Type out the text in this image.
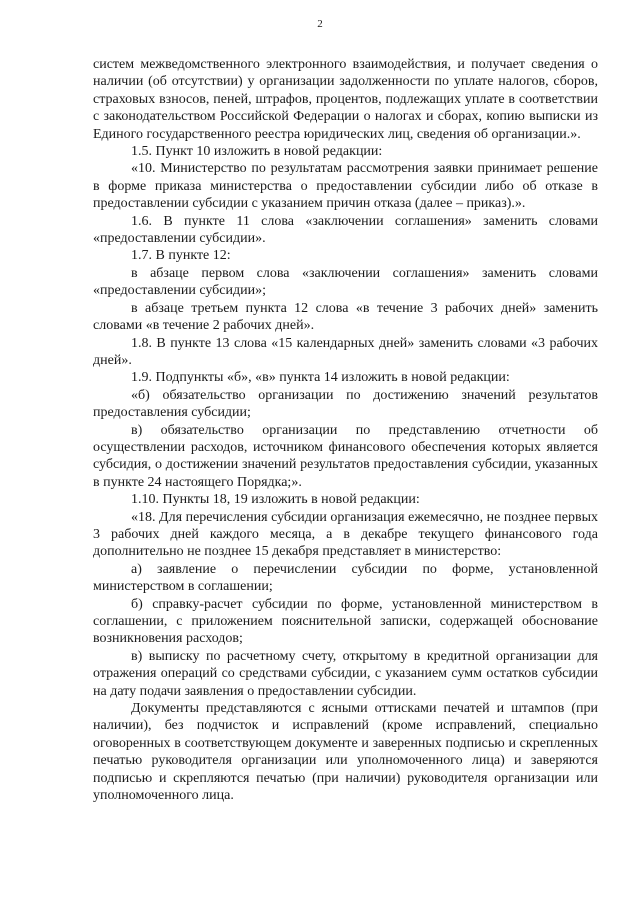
2

систем межведомственного электронного взаимодействия, и получает сведения о наличии (об отсутствии) у организации задолженности по уплате налогов, сборов, страховых взносов, пеней, штрафов, процентов, подлежащих уплате в соответствии с законодательством Российской Федерации о налогах и сборах, копию выписки из Единого государственного реестра юридических лиц, сведения об организации.».

1.5. Пункт 10 изложить в новой редакции:

«10. Министерство по результатам рассмотрения заявки принимает решение в форме приказа министерства о предоставлении субсидии либо об отказе в предоставлении субсидии с указанием причин отказа (далее – приказ).».

1.6. В пункте 11 слова «заключении соглашения» заменить словами «предоставлении субсидии».

1.7. В пункте 12:

в абзаце первом слова «заключении соглашения» заменить словами «предоставлении субсидии»;

в абзаце третьем пункта 12 слова «в течение 3 рабочих дней» заменить словами «в течение 2 рабочих дней».

1.8. В пункте 13 слова «15 календарных дней» заменить словами «3 рабочих дней».

1.9. Подпункты «б», «в» пункта 14 изложить в новой редакции:

«б) обязательство организации по достижению значений результатов предоставления субсидии;

в) обязательство организации по представлению отчетности об осуществлении расходов, источником финансового обеспечения которых является субсидия, о достижении значений результатов предоставления субсидии, указанных в пункте 24 настоящего Порядка;».

1.10. Пункты 18, 19 изложить в новой редакции:

«18. Для перечисления субсидии организация ежемесячно, не позднее первых 3 рабочих дней каждого месяца, а в декабре текущего финансового года дополнительно не позднее 15 декабря представляет в министерство:

а) заявление о перечислении субсидии по форме, установленной министерством в соглашении;

б) справку-расчет субсидии по форме, установленной министерством в соглашении, с приложением пояснительной записки, содержащей обоснование возникновения расходов;

в) выписку по расчетному счету, открытому в кредитной организации для отражения операций со средствами субсидии, с указанием сумм остатков субсидии на дату подачи заявления о предоставлении субсидии.

Документы представляются с ясными оттисками печатей и штампов (при наличии), без подчисток и исправлений (кроме исправлений, специально оговоренных в соответствующем документе и заверенных подписью и скрепленных печатью руководителя организации или уполномоченного лица) и заверяются подписью и скрепляются печатью (при наличии) руководителя организации или уполномоченного лица.
